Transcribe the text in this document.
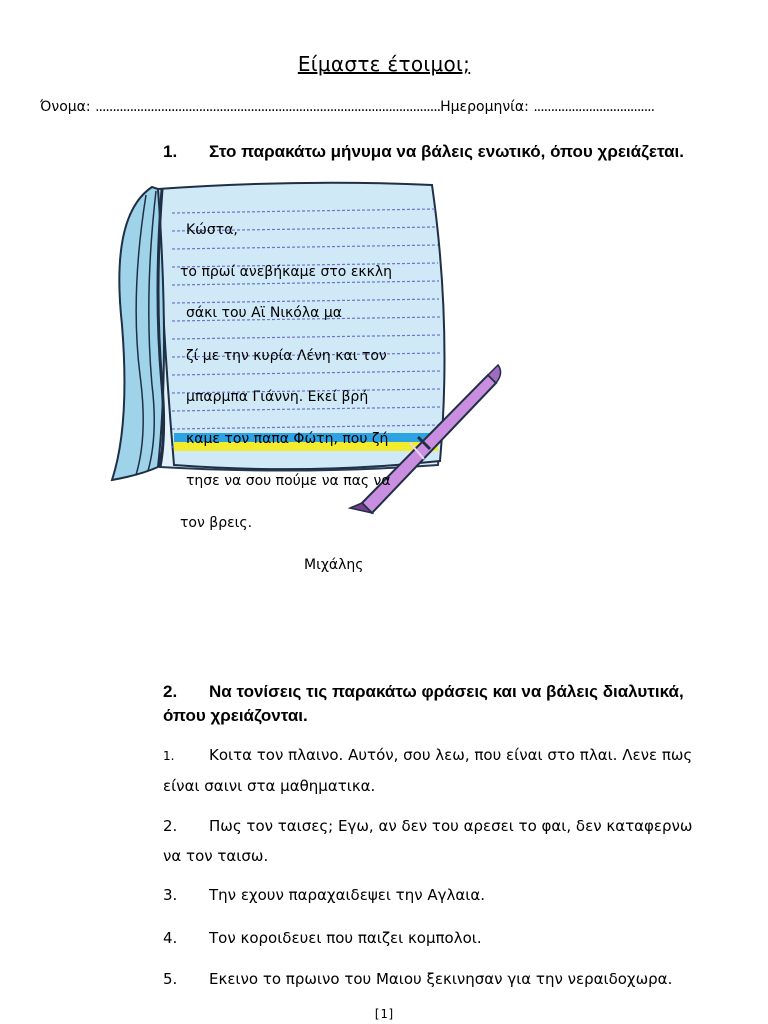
Είμαστε έτοιμοι;
Όνομα: ....................................................................................................Ημερομηνία: ...................................
1. Στο παρακάτω μήνυμα να βάλεις ενωτικό, όπου χρειάζεται.
Κώστα,
το πρωί ανεβήκαμε στο εκκλη
σάκι του Αϊ Νικόλα μα
ζί με την κυρία Λένη και τον
μπαρμπα Γιάννη. Εκεί βρή
καμε τον παπα Φώτη, που ζή
τησε να σου πούμε να πας να
τον βρεις.
Μιχάλης
2. Να τονίσεις τις παρακάτω φράσεις και να βάλεις διαλυτικά,
όπου χρειάζονται.
1. Κοιτα τον πλαινο. Αυτόν, σου λεω, που είναι στο πλαι. Λενε πως
είναι σαινι στα μαθηματικα.
2. Πως τον ταισες; Εγω, αν δεν του αρεσει το φαι, δεν καταφερνω
να τον ταισω.
3. Την εχουν παραχαιδεψει την Αγλαια.
4. Τον κοροιδευει που παιζει κομπολοι.
5. Εκεινο το πρωινο του Μαιου ξεκινησαν για την νεραιδοχωρα.
[1]
